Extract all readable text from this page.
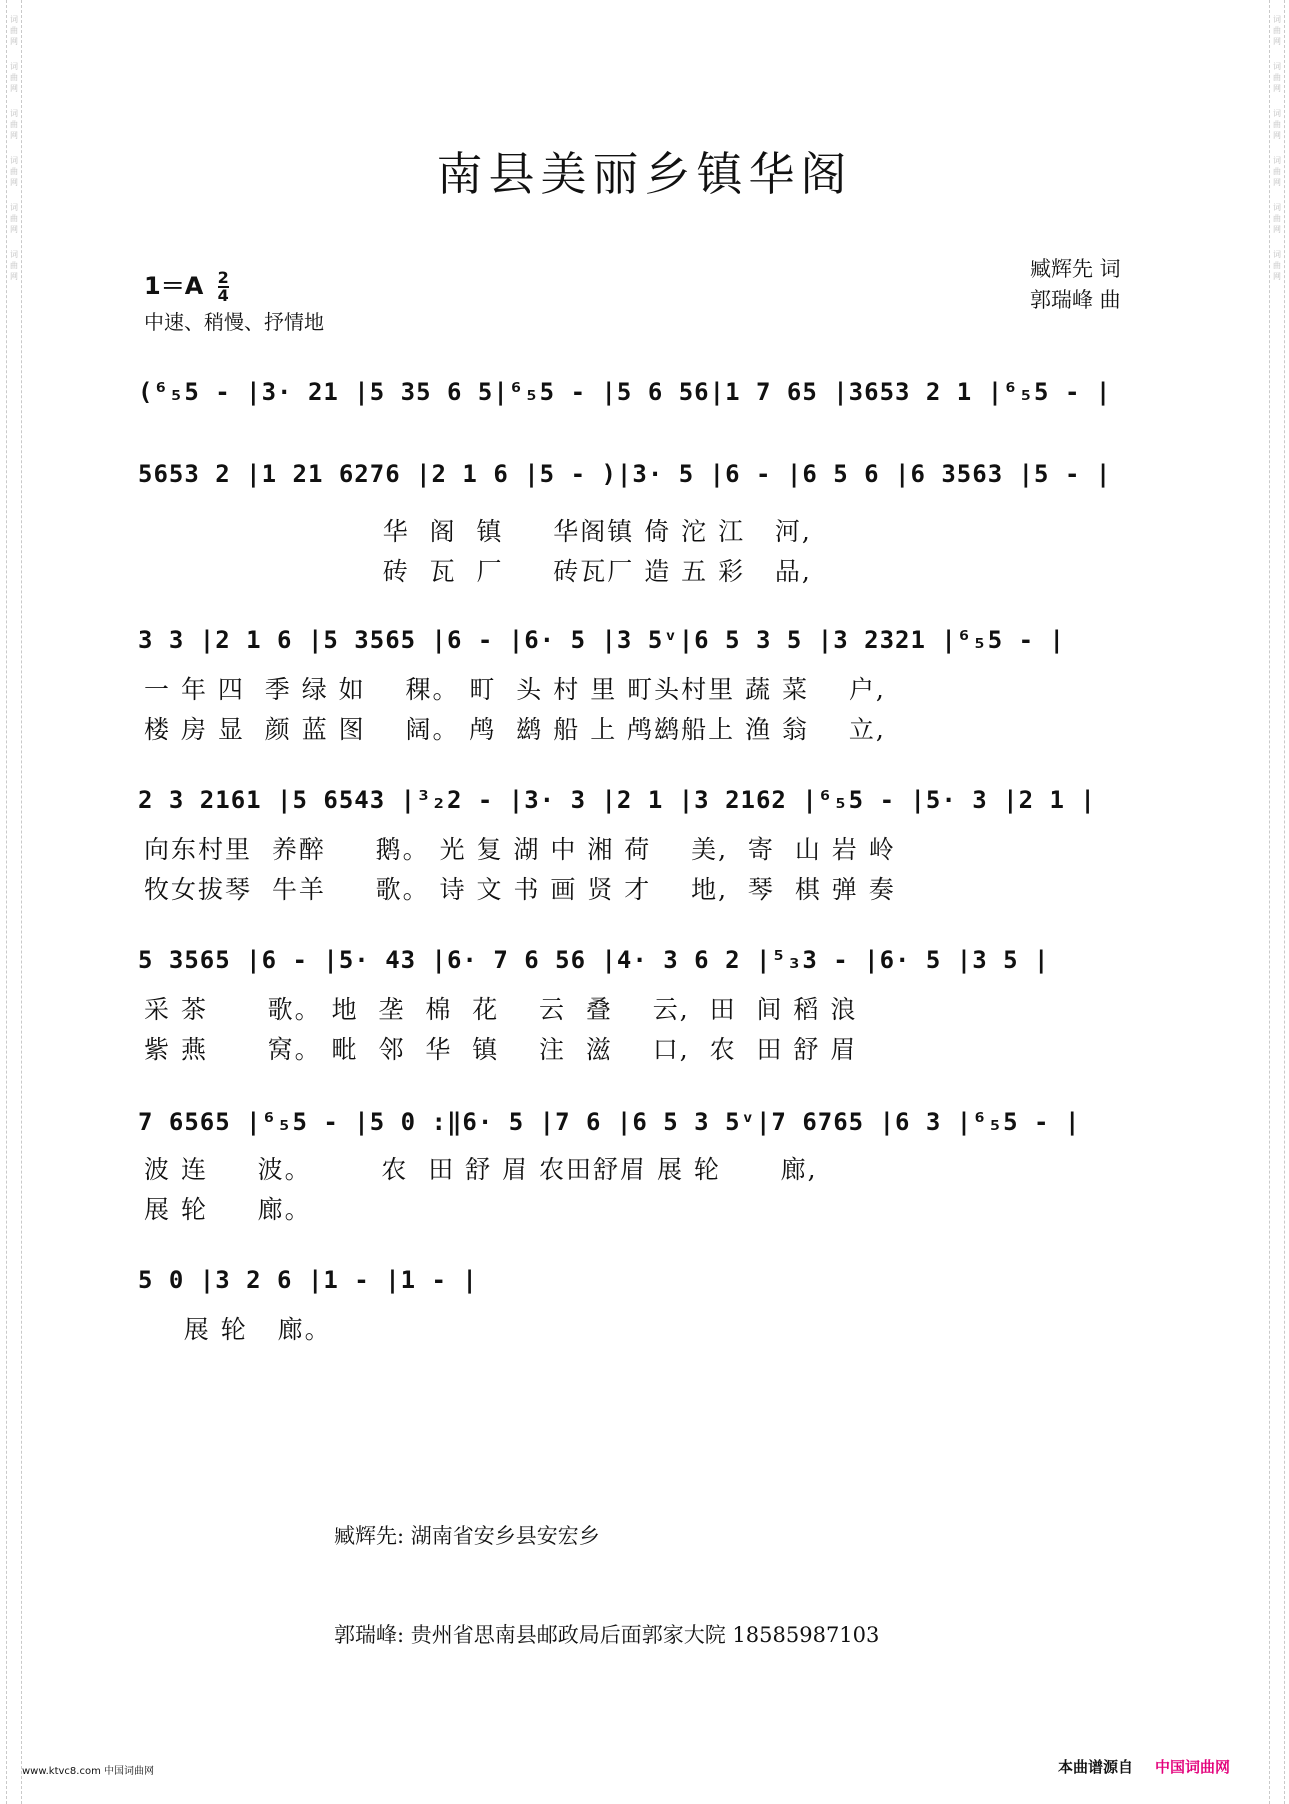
词曲网
词曲网
词曲网
词曲网
词曲网
词曲网
词曲网
词曲网
词曲网
词曲网
词曲网
词曲网
南县美丽乡镇华阁
$1=A \frac{2}{4}$
中速、稍慢、抒情地
臧辉先 词
郭瑞峰 曲
(⁶₅5 - |3· 21 |5 35 6 5|⁶₅5 - |5 6 56|1 7 65 |3653 2 1 |⁶₅5 - |
5653 2 |1 21 6276 |2 1 6 |5 - )|3· 5 |6 - |6 5 6 |6 3563 |5 - |
华  阁  镇     华阁镇 倚 沱 江   河,
砖  瓦  厂     砖瓦厂 造 五 彩   品,
3 3 |2 1 6 |5 3565 |6 - |6· 5 |3 5ᵛ|6 5 3 5 |3 2321 |⁶₅5 - |
一 年 四  季 绿 如    稞。 町  头 村 里 町头村里 蔬 菜    户,
楼 房 显  颜 蓝 图    阔。 鸬  鹚 船 上 鸬鹚船上 渔 翁    立,
2 3 2161 |5 6543 |³₂2 - |3· 3 |2 1 |3 2162 |⁶₅5 - |5· 3 |2 1 |
向东村里  养醉     鹅。 光 复 湖 中 湘 荷    美,  寄  山 岩 岭
牧女拔琴  牛羊     歌。 诗 文 书 画 贤 才    地,  琴  棋 弹 奏
5 3565 |6 - |5· 43 |6· 7 6 56 |4· 3 6 2 |⁵₃3 - |6· 5 |3 5 |
采 茶      歌。 地  垄  棉  花    云  叠    云,  田  间 稻 浪
紫 燕      窝。 毗  邻  华  镇    注  滋    口,  农  田 舒 眉
7 6565 |⁶₅5 - |5 0 :‖6· 5 |7 6 |6 5 3 5ᵛ|7 6765 |6 3 |⁶₅5 - |
波 连     波。       农  田 舒 眉 农田舒眉 展 轮      廊,
展 轮     廊。
5 0 |3 2 6 |1 - |1 - |
展 轮   廊。

臧辉先: 湖南省安乡县安宏乡

郭瑞峰: 贵州省思南县邮政局后面郭家大院 18585987103

www.ktvc8.com 中国词曲网	本曲谱源自 中国词曲网
